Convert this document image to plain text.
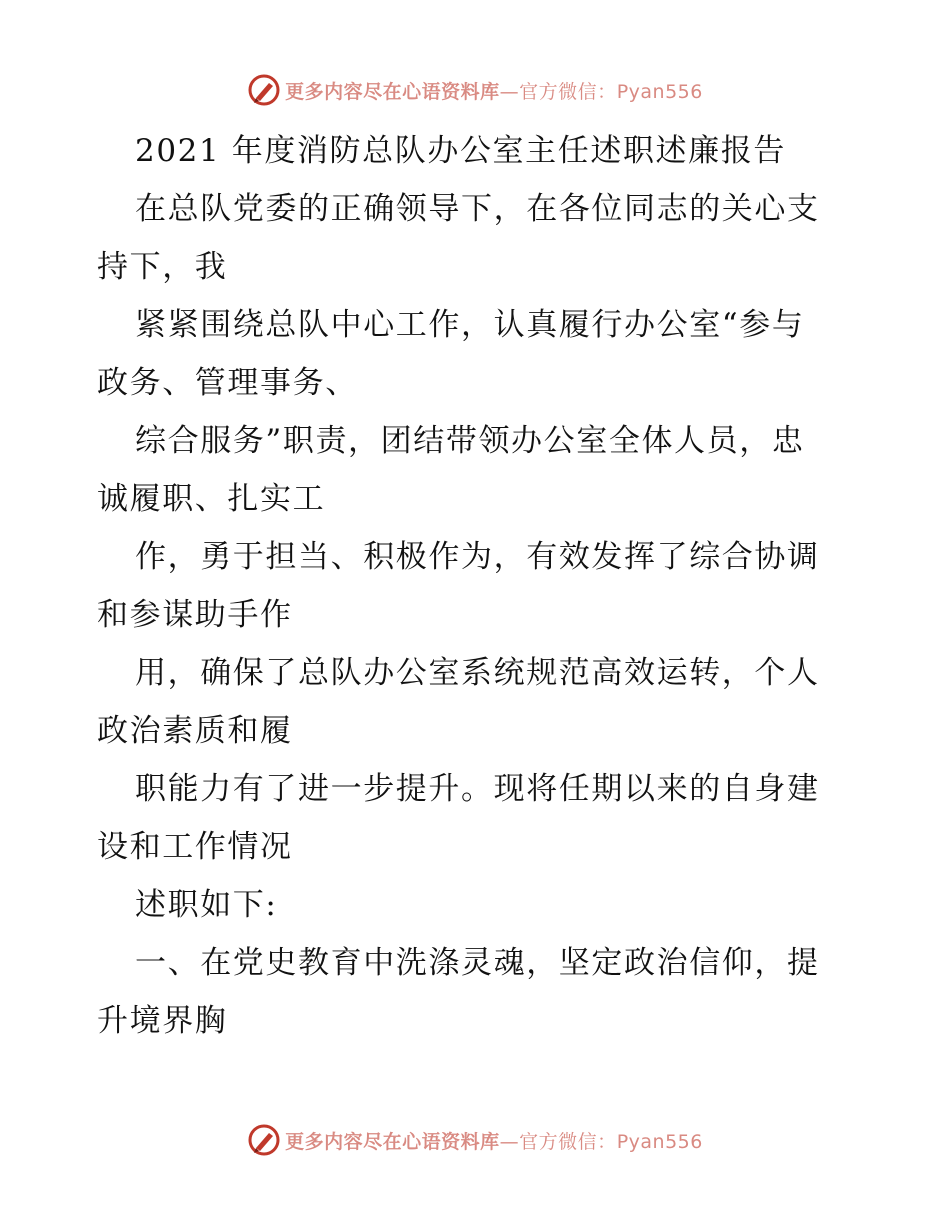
更多内容尽在心语资料库—官方微信：Pyan556
2021 年度消防总队办公室主任述职述廉报告
在总队党委的正确领导下，在各位同志的关心支
持下，我
紧紧围绕总队中心工作，认真履行办公室“参与
政务、管理事务、
综合服务”职责，团结带领办公室全体人员，忠
诚履职、扎实工
作，勇于担当、积极作为，有效发挥了综合协调
和参谋助手作
用，确保了总队办公室系统规范高效运转，个人
政治素质和履
职能力有了进一步提升。现将任期以来的自身建
设和工作情况
述职如下:
一、在党史教育中洗涤灵魂，坚定政治信仰，提
升境界胸
更多内容尽在心语资料库—官方微信：Pyan556
